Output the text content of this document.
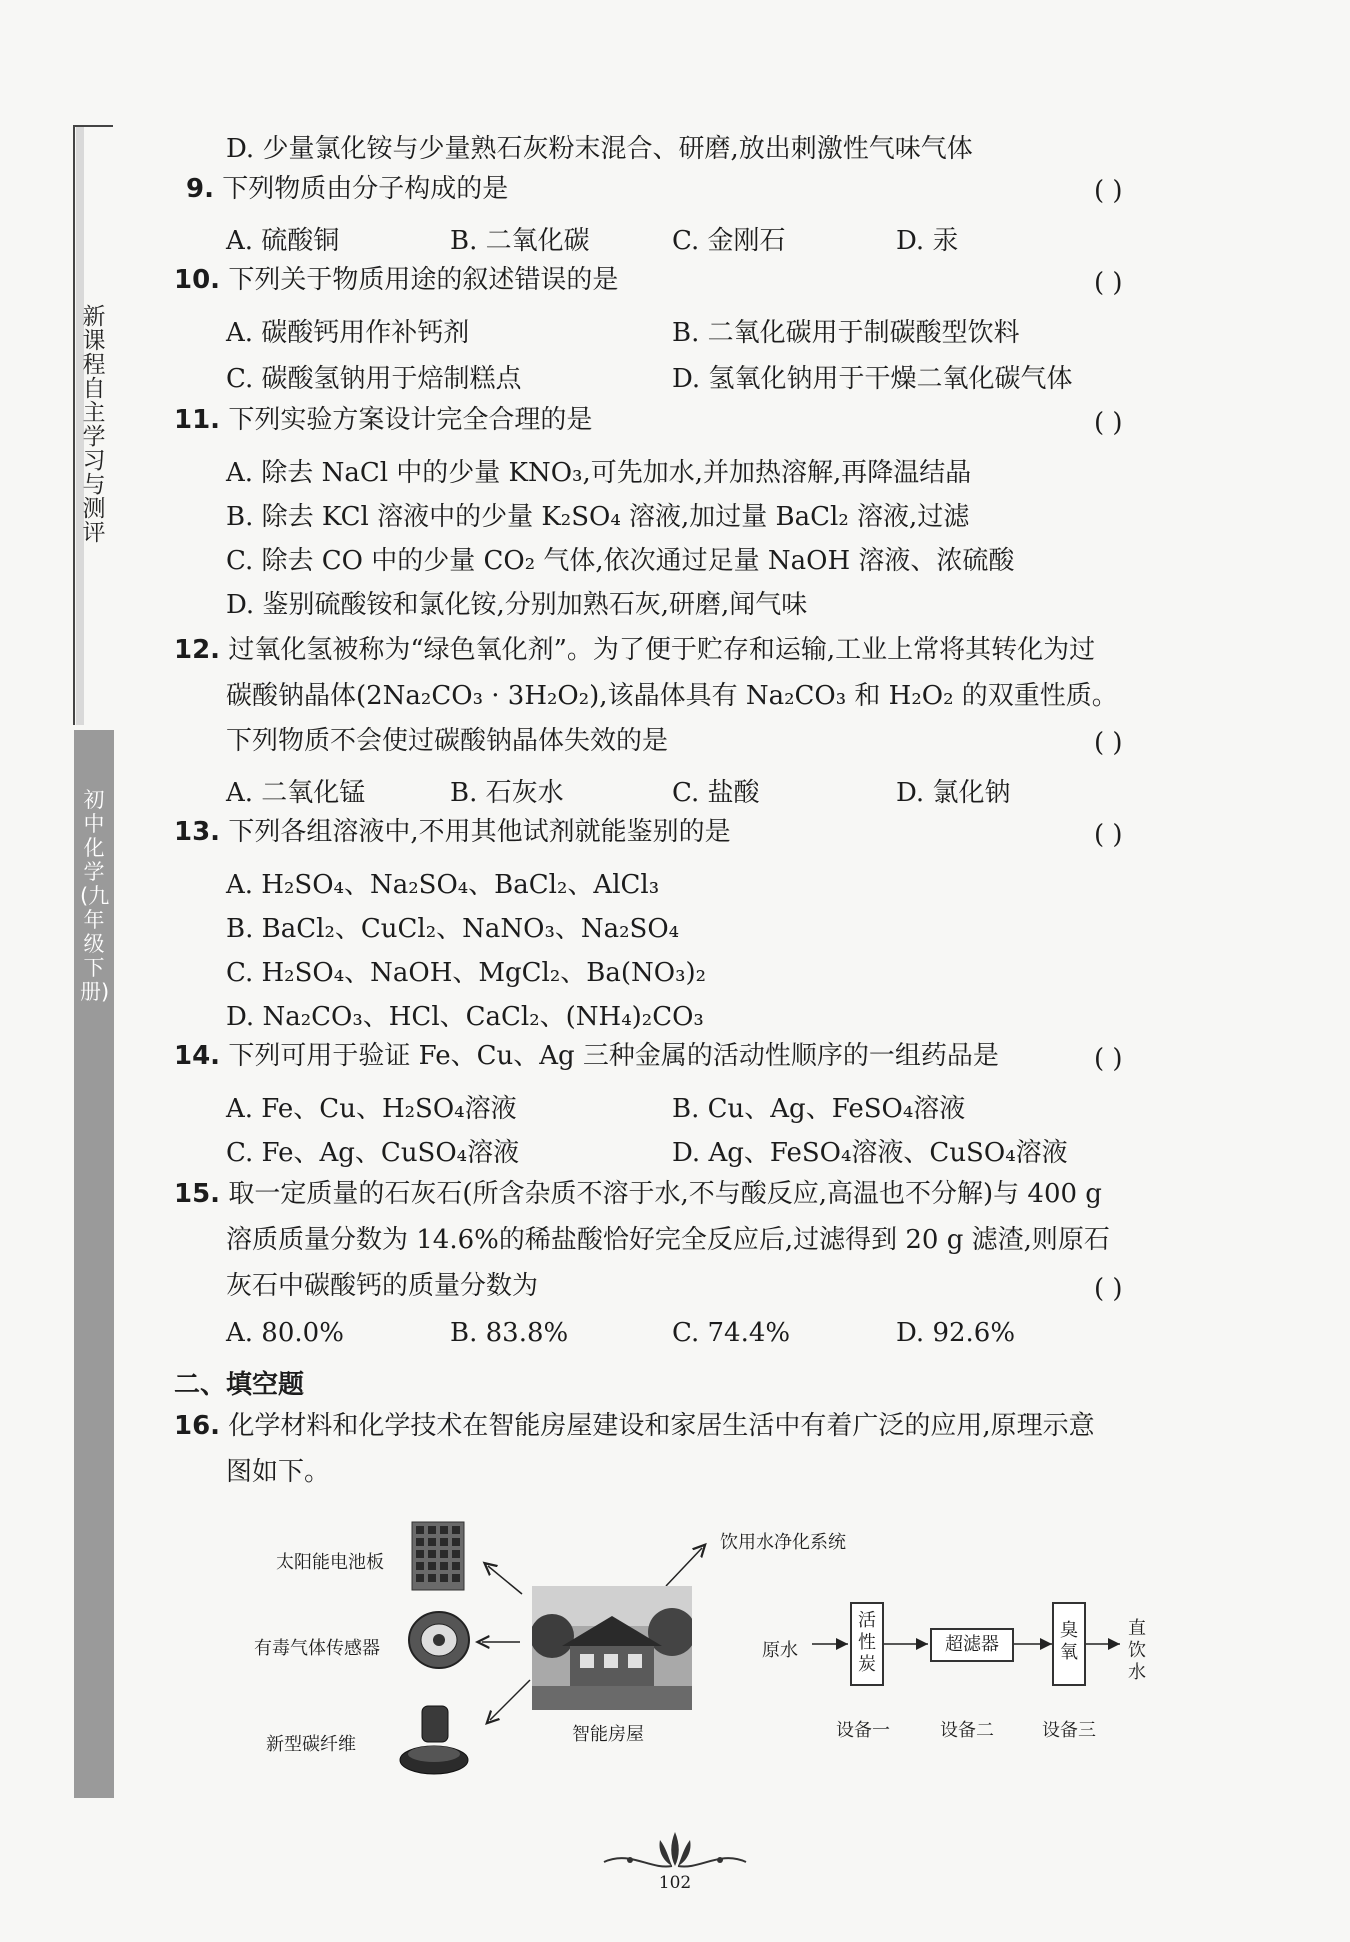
新课程自主学习与测评
初中化学(九年级下册)
D. 少量氯化铵与少量熟石灰粉末混合、研磨,放出刺激性气味气体
9. 下列物质由分子构成的是	( )
A. 硫酸铜	B. 二氧化碳	C. 金刚石	D. 汞
10. 下列关于物质用途的叙述错误的是	( )
A. 碳酸钙用作补钙剂	B. 二氧化碳用于制碳酸型饮料
C. 碳酸氢钠用于焙制糕点	D. 氢氧化钠用于干燥二氧化碳气体
11. 下列实验方案设计完全合理的是	( )
A. 除去 NaCl 中的少量 KNO₃,可先加水,并加热溶解,再降温结晶
B. 除去 KCl 溶液中的少量 K₂SO₄ 溶液,加过量 BaCl₂ 溶液,过滤
C. 除去 CO 中的少量 CO₂ 气体,依次通过足量 NaOH 溶液、浓硫酸
D. 鉴别硫酸铵和氯化铵,分别加熟石灰,研磨,闻气味
12. 过氧化氢被称为“绿色氧化剂”。为了便于贮存和运输,工业上常将其转化为过
碳酸钠晶体(2Na₂CO₃ · 3H₂O₂),该晶体具有 Na₂CO₃ 和 H₂O₂ 的双重性质。
下列物质不会使过碳酸钠晶体失效的是	( )
A. 二氧化锰	B. 石灰水	C. 盐酸	D. 氯化钠
13. 下列各组溶液中,不用其他试剂就能鉴别的是	( )
A. H₂SO₄、Na₂SO₄、BaCl₂、AlCl₃
B. BaCl₂、CuCl₂、NaNO₃、Na₂SO₄
C. H₂SO₄、NaOH、MgCl₂、Ba(NO₃)₂
D. Na₂CO₃、HCl、CaCl₂、(NH₄)₂CO₃
14. 下列可用于验证 Fe、Cu、Ag 三种金属的活动性顺序的一组药品是	( )
A. Fe、Cu、H₂SO₄溶液	B. Cu、Ag、FeSO₄溶液
C. Fe、Ag、CuSO₄溶液	D. Ag、FeSO₄溶液、CuSO₄溶液
15. 取一定质量的石灰石(所含杂质不溶于水,不与酸反应,高温也不分解)与 400 g
溶质质量分数为 14.6%的稀盐酸恰好完全反应后,过滤得到 20 g 滤渣,则原石
灰石中碳酸钙的质量分数为	( )
A. 80.0%	B. 83.8%	C. 74.4%	D. 92.6%
二、填空题
16. 化学材料和化学技术在智能房屋建设和家居生活中有着广泛的应用,原理示意
图如下。
太阳能电池板
有毒气体传感器
新型碳纤维	智能房屋
饮用水净化系统
原水
活性炭
超滤器
臭氧
直饮水
设备一	设备二	设备三
102
